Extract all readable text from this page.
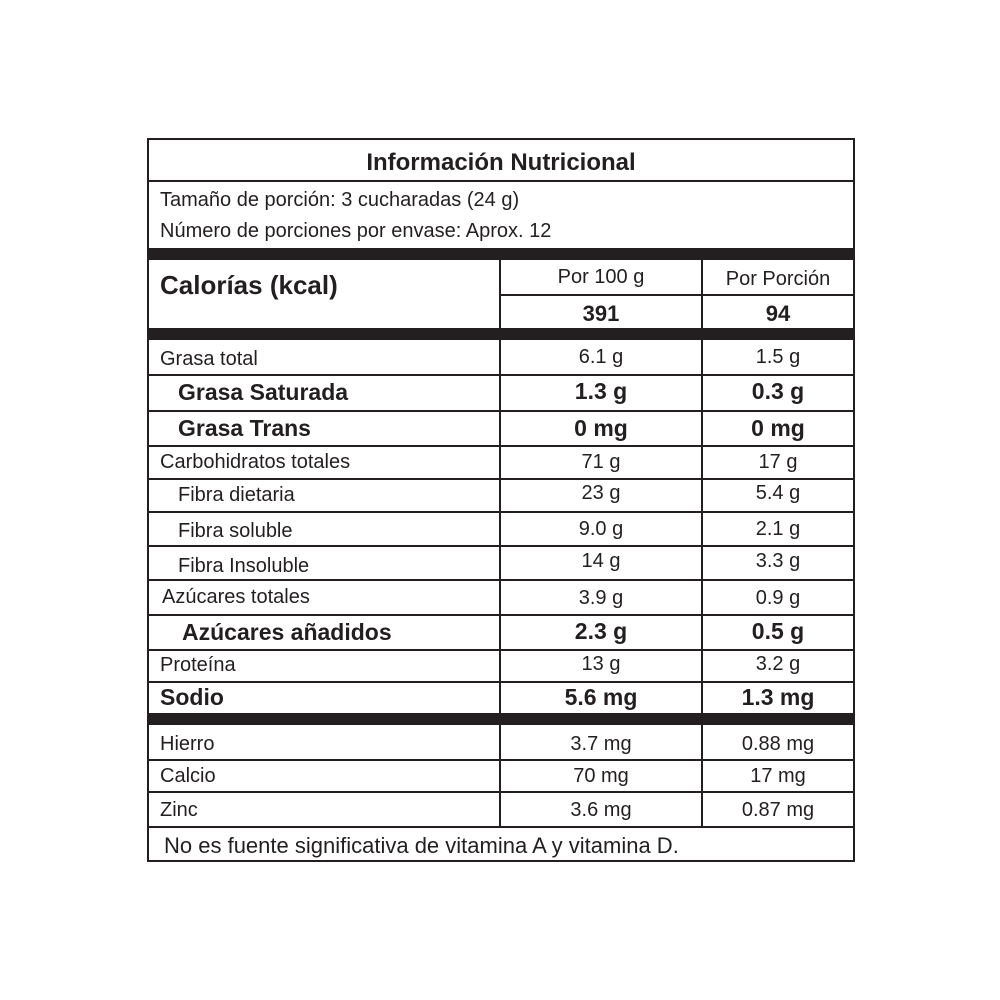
Información Nutricional
Tamaño de porción: 3 cucharadas (24 g)
Número de porciones por envase: Aprox. 12
Calorías (kcal)	Por 100 g	Por Porción
391	94
Grasa total	6.1 g	1.5 g
Grasa Saturada	1.3 g	0.3 g
Grasa Trans	0 mg	0 mg
Carbohidratos totales	71 g	17 g
Fibra dietaria	23 g	5.4 g
Fibra soluble	9.0 g	2.1 g
Fibra Insoluble	14 g	3.3 g
Azúcares totales	3.9 g	0.9 g
Azúcares añadidos	2.3 g	0.5 g
Proteína	13 g	3.2 g
Sodio	5.6 mg	1.3 mg
Hierro	3.7 mg	0.88 mg
Calcio	70 mg	17 mg
Zinc	3.6 mg	0.87 mg
No es fuente significativa de vitamina A y vitamina D.
